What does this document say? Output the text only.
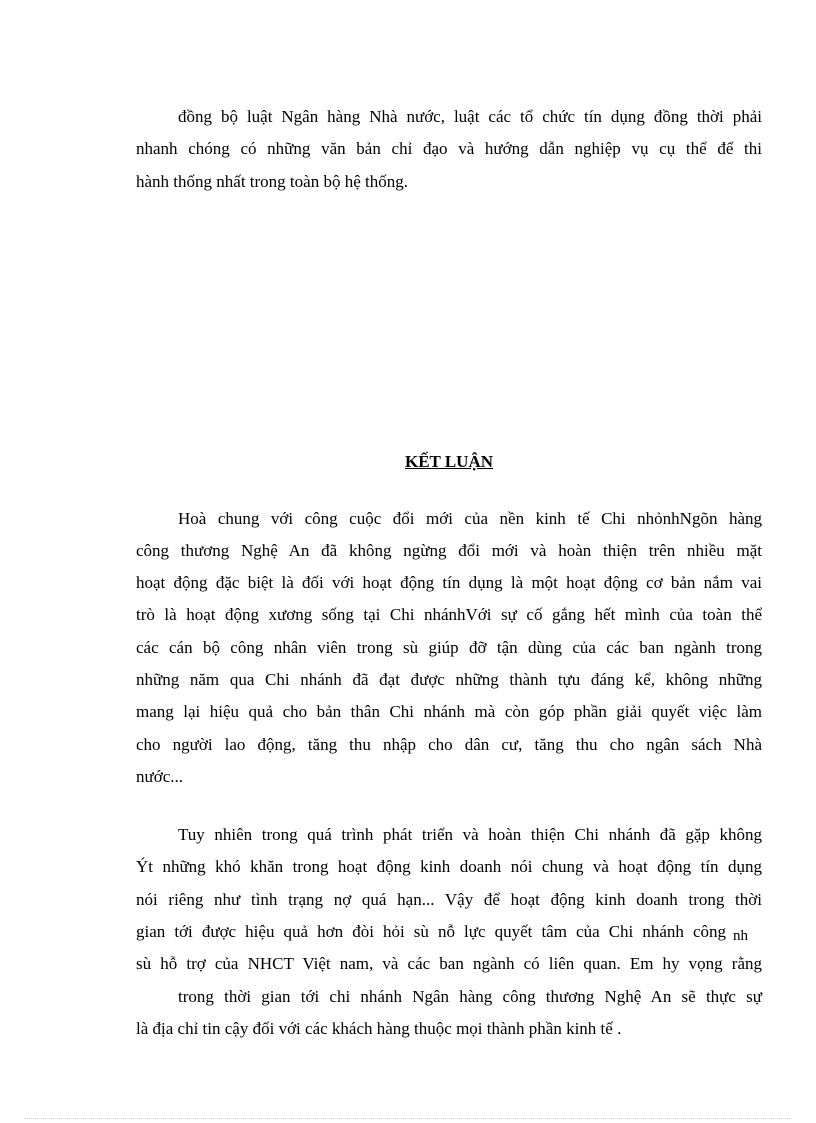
đồng bộ luật Ngân hàng Nhà nước, luật các tổ chức tín dụng đồng thời phải
nhanh chóng có những văn bản chỉ đạo và hướng dẫn nghiệp vụ cụ thể để thi
hành thống nhất trong toàn bộ hệ thống.
KẾT LUẬN
Hoà chung với công cuộc đổi mới của nền kinh tế Chi nhỏnhNgõn hàng
công thương Nghệ An đã không ngừng đổi mới và hoàn thiện trên nhiều mặt
hoạt động đặc biệt là đối với hoạt động tín dụng là một hoạt động cơ bản nắm vai
trò là hoạt động xương sống tại Chi nhánhVới sự cố gắng hết mình của toàn thể
các cán bộ công nhân viên trong sù giúp đỡ tận dùng của các ban ngành trong
những năm qua Chi nhánh đã đạt được những thành tựu đáng kể, không những
mang lại hiệu quả cho bản thân Chi nhánh mà còn góp phần giải quyết việc làm
cho người lao động, tăng thu nhập cho dân cư, tăng thu cho ngân sách Nhà
nước...
Tuy nhiên trong quá trình phát triển và hoàn thiện Chi nhánh đã gặp không
Ýt những khó khăn trong hoạt động kinh doanh nói chung và hoạt động tín dụng
nói riêng như tình trạng nợ quá hạn... Vậy để hoạt động kinh doanh trong thời
gian tới được hiệu quả hơn đòi hỏi sù nỗ lực quyết tâm của Chi nhánh công nh
sù hỗ trợ của NHCT Việt nam, và các ban ngành có liên quan. Em hy vọng rằng
trong thời gian tới chi nhánh Ngân hàng công thương Nghệ An sẽ thực sự
là địa chỉ tin cậy đối với các khách hàng thuộc mọi thành phần kinh tế .
